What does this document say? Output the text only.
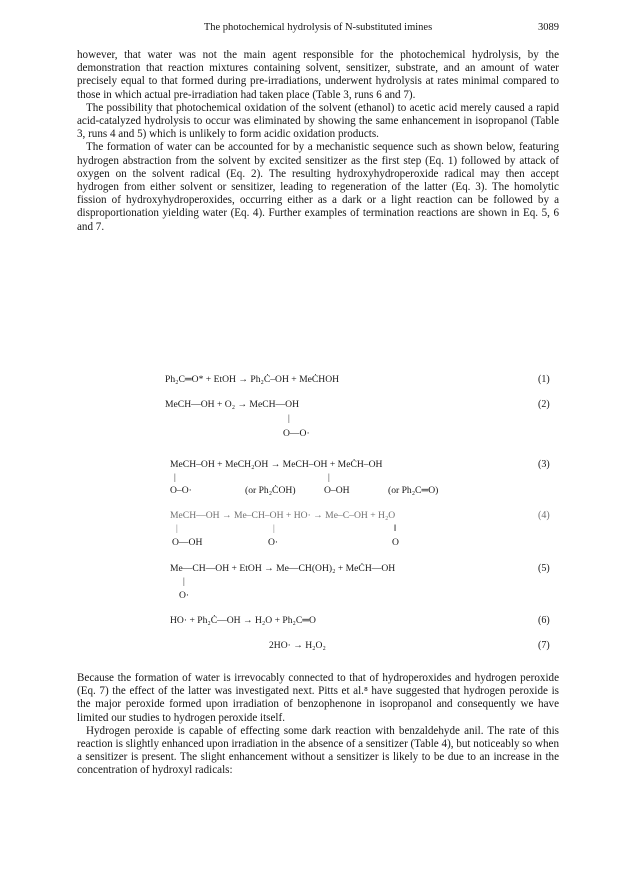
The photochemical hydrolysis of N-substituted imines	3089

however, that water was not the main agent responsible for the photochemical hydrolysis, by the demonstration that reaction mixtures containing solvent, sensitizer, substrate, and an amount of water precisely equal to that formed during pre-irradiations, underwent hydrolysis at rates minimal compared to those in which actual pre-irradiation had taken place (Table 3, runs 6 and 7).

The possibility that photochemical oxidation of the solvent (ethanol) to acetic acid merely caused a rapid acid-catalyzed hydrolysis to occur was eliminated by showing the same enhancement in isopropanol (Table 3, runs 4 and 5) which is unlikely to form acidic oxidation products.

The formation of water can be accounted for by a mechanistic sequence such as shown below, featuring hydrogen abstraction from the solvent by excited sensitizer as the first step (Eq. 1) followed by attack of oxygen on the solvent radical (Eq. 2). The resulting hydroxyhydroperoxide radical may then accept hydrogen from either solvent or sensitizer, leading to regeneration of the latter (Eq. 3). The homolytic fission of hydroxyhydroperoxides, occurring either as a dark or a light reaction can be followed by a disproportionation yielding water (Eq. 4). Further examples of termination reactions are shown in Eq. 5, 6 and 7.

Ph₂C═O* + EtOH → Ph₂Ċ–OH + MeĊHOH	(1)
MeCH—OH + O₂ → MeCH—OH
|
O—O·
(2)
MeCH–OH + MeCH₂OH → MeCH–OH + MeĊH–OH
|	|
O–O·	(or Ph₂ĊOH)	O–OH	(or Ph₂C═O)
(3)
MeCH—OH → Me–CH–OH + HO· → Me–C–OH + H₂O
|	|	‖
O—OH	O·	O
(4)
Me—CH—OH + EtOH → Me—CH(OH)₂ + MeĊH—OH
|
O·
(5)
HO· + Ph₂Ċ—OH → H₂O + Ph₂C═O	(6)
2HO· → H₂O₂	(7)

Because the formation of water is irrevocably connected to that of hydroperoxides and hydrogen peroxide (Eq. 7) the effect of the latter was investigated next. Pitts et al.⁸ have suggested that hydrogen peroxide is the major peroxide formed upon irradiation of benzophenone in isopropanol and consequently we have limited our studies to hydrogen peroxide itself.

Hydrogen peroxide is capable of effecting some dark reaction with benzaldehyde anil. The rate of this reaction is slightly enhanced upon irradiation in the absence of a sensitizer (Table 4), but noticeably so when a sensitizer is present. The slight enhancement without a sensitizer is likely to be due to an increase in the concentration of hydroxyl radicals:
